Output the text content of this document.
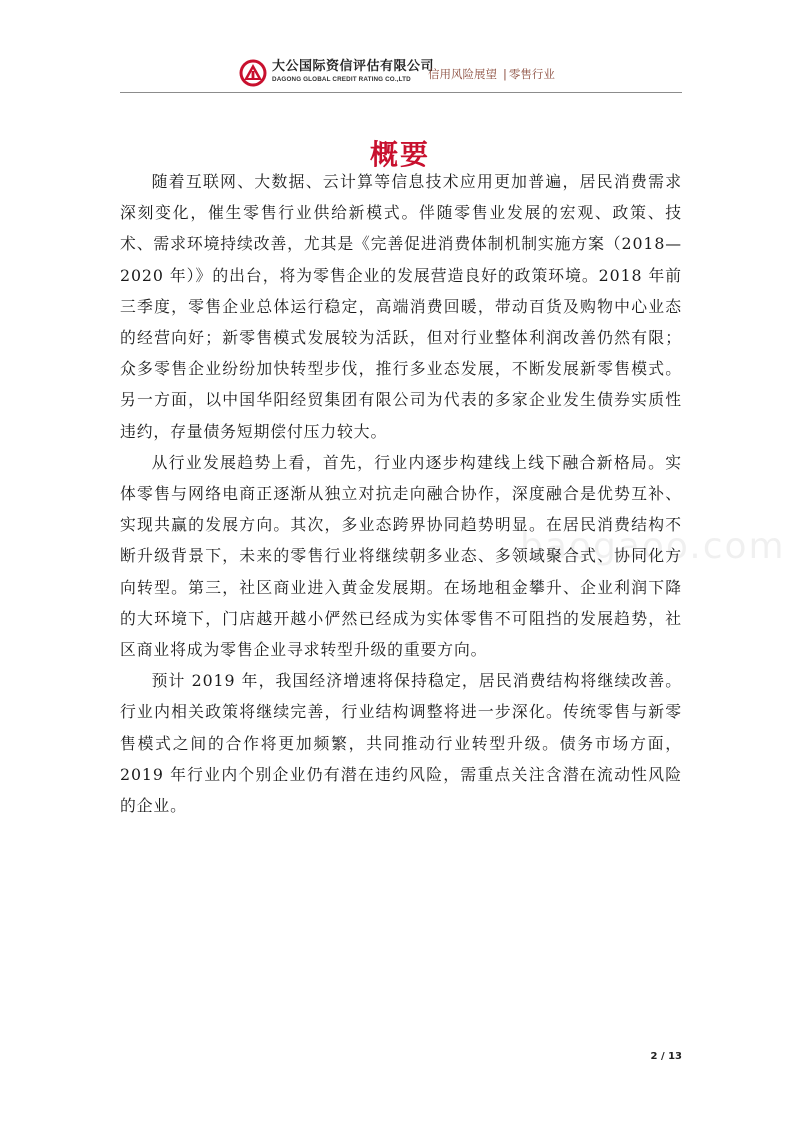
大公国际资信评估有限公司
DAGONG GLOBAL CREDIT RATING CO.,LTD	信用风险展望 | 零售行业
baogaoo.com
概要

随着互联网、大数据、云计算等信息技术应用更加普遍，居民消费需求深刻变化，催生零售行业供给新模式。伴随零售业发展的宏观、政策、技术、需求环境持续改善，尤其是《完善促进消费体制机制实施方案（2018—2020 年）》的出台，将为零售企业的发展营造良好的政策环境。2018 年前三季度，零售企业总体运行稳定，高端消费回暖，带动百货及购物中心业态的经营向好；新零售模式发展较为活跃，但对行业整体利润改善仍然有限；众多零售企业纷纷加快转型步伐，推行多业态发展，不断发展新零售模式。另一方面，以中国华阳经贸集团有限公司为代表的多家企业发生债券实质性违约，存量债务短期偿付压力较大。

从行业发展趋势上看，首先，行业内逐步构建线上线下融合新格局。实体零售与网络电商正逐渐从独立对抗走向融合协作，深度融合是优势互补、实现共赢的发展方向。其次，多业态跨界协同趋势明显。在居民消费结构不断升级背景下，未来的零售行业将继续朝多业态、多领域聚合式、协同化方向转型。第三，社区商业进入黄金发展期。在场地租金攀升、企业利润下降的大环境下，门店越开越小俨然已经成为实体零售不可阻挡的发展趋势，社区商业将成为零售企业寻求转型升级的重要方向。

预计 2019 年，我国经济增速将保持稳定，居民消费结构将继续改善。行业内相关政策将继续完善，行业结构调整将进一步深化。传统零售与新零售模式之间的合作将更加频繁，共同推动行业转型升级。债务市场方面，2019 年行业内个别企业仍有潜在违约风险，需重点关注含潜在流动性风险的企业。

2 / 13
